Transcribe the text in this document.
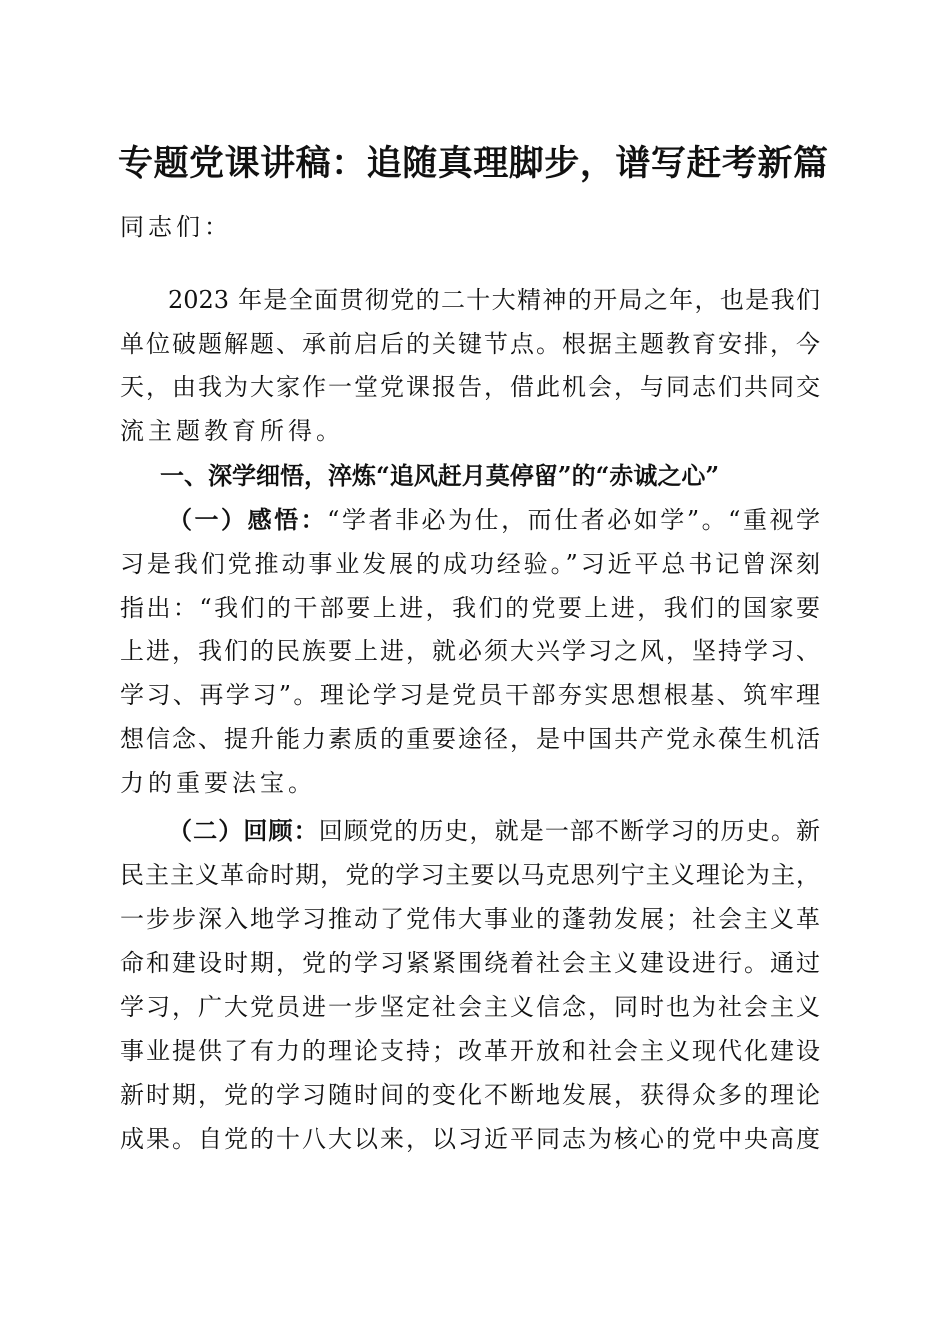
专题党课讲稿：追随真理脚步，谱写赶考新篇
同志们：
2023 年是全面贯彻党的二十大精神的开局之年，也是我们
单位破题解题、承前启后的关键节点。根据主题教育安排，今
天，由我为大家作一堂党课报告，借此机会，与同志们共同交
流主题教育所得。
一、深学细悟，淬炼“追风赶月莫停留”的“赤诚之心”
（一）感悟：“学者非必为仕，而仕者必如学”。“重视学
习是我们党推动事业发展的成功经验。”习近平总书记曾深刻
指出：“我们的干部要上进，我们的党要上进，我们的国家要
上进，我们的民族要上进，就必须大兴学习之风，坚持学习、
学习、再学习”。理论学习是党员干部夯实思想根基、筑牢理
想信念、提升能力素质的重要途径，是中国共产党永葆生机活
力的重要法宝。
（二）回顾：回顾党的历史，就是一部不断学习的历史。新
民主主义革命时期，党的学习主要以马克思列宁主义理论为主，
一步步深入地学习推动了党伟大事业的蓬勃发展；社会主义革
命和建设时期，党的学习紧紧围绕着社会主义建设进行。通过
学习，广大党员进一步坚定社会主义信念，同时也为社会主义
事业提供了有力的理论支持；改革开放和社会主义现代化建设
新时期，党的学习随时间的变化不断地发展，获得众多的理论
成果。自党的十八大以来，以习近平同志为核心的党中央高度
